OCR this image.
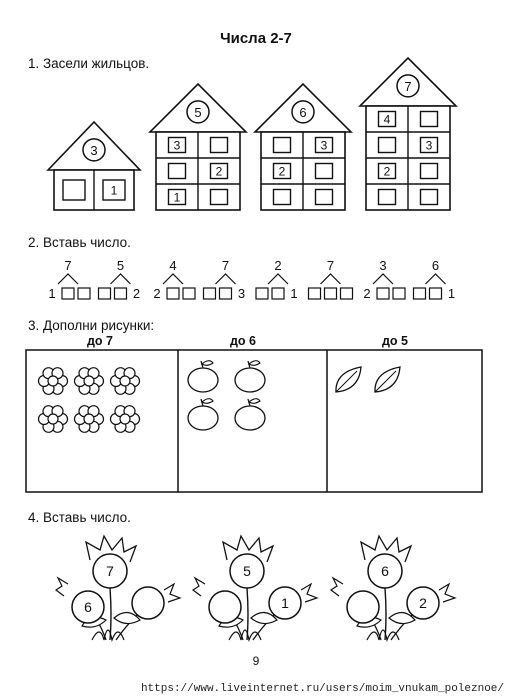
Числа 2-7
1. Засели жильцов.
2. Вставь число.
3. Дополни рисунки:
4. Вставь число.
3
1
5
3
2
1
6
3
2
7
4
3
2
1
7
2
5
2
4
3
7
1
2	7
2
3
1
6
до 7	до 6	до 5
7
6
5
1
6
2
9
https://www.liveinternet.ru/users/moim_vnukam_poleznoe/
